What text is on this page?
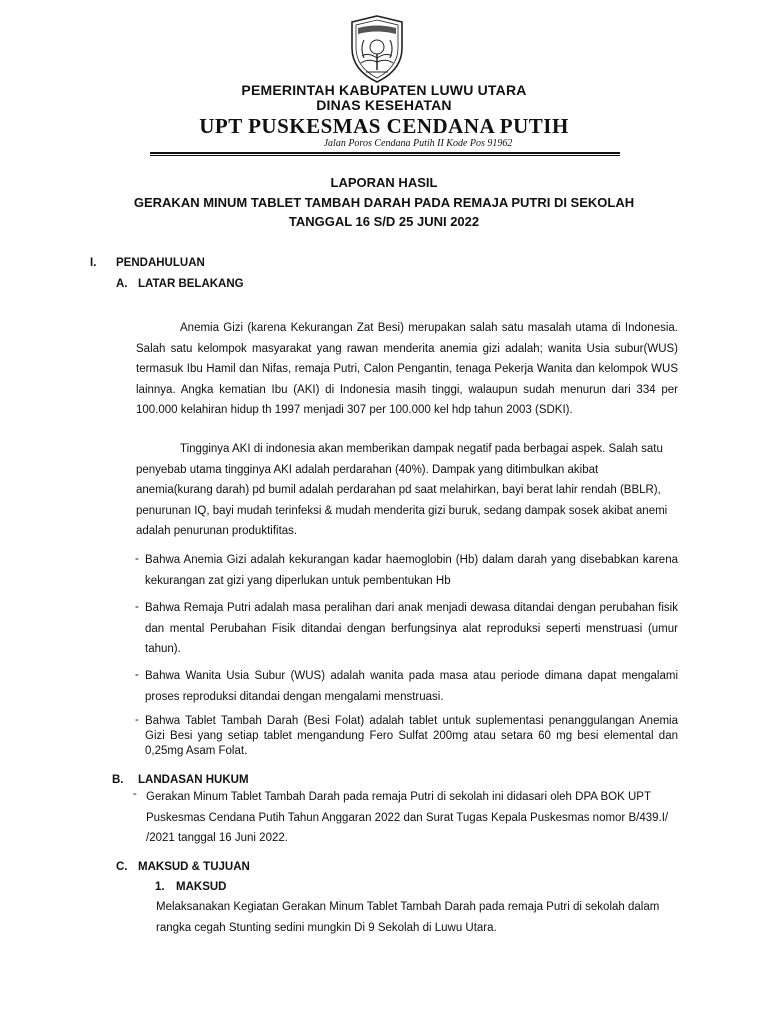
PEMERINTAH KABUPATEN LUWU UTARA
DINAS KESEHATAN
UPT PUSKESMAS CENDANA PUTIH
Jalan Poros Cendana Putih II Kode Pos 91962
LAPORAN HASIL
GERAKAN MINUM TABLET TAMBAH DARAH PADA REMAJA PUTRI DI SEKOLAH
TANGGAL 16 S/D 25 JUNI 2022
I. PENDAHULUAN
A. LATAR BELAKANG
Anemia Gizi (karena Kekurangan Zat Besi) merupakan salah satu masalah utama di Indonesia. Salah satu kelompok masyarakat yang rawan menderita anemia gizi adalah; wanita Usia subur(WUS) termasuk Ibu Hamil dan Nifas, remaja Putri, Calon Pengantin, tenaga Pekerja Wanita dan kelompok WUS lainnya. Angka kematian Ibu (AKI) di Indonesia masih tinggi, walaupun sudah menurun dari 334 per 100.000 kelahiran hidup th 1997 menjadi 307 per 100.000 kel hdp tahun 2003 (SDKI).
Tingginya AKI di indonesia akan memberikan dampak negatif pada berbagai aspek. Salah satu penyebab utama tingginya AKI adalah perdarahan (40%). Dampak yang ditimbulkan akibat anemia(kurang darah) pd bumil adalah perdarahan pd saat melahirkan, bayi berat lahir rendah (BBLR), penurunan IQ, bayi mudah terinfeksi & mudah menderita gizi buruk, sedang dampak sosek akibat anemi adalah penurunan produktifitas.
- Bahwa Anemia Gizi adalah kekurangan kadar haemoglobin (Hb) dalam darah yang disebabkan karena kekurangan zat gizi yang diperlukan untuk pembentukan Hb
- Bahwa Remaja Putri adalah masa peralihan dari anak menjadi dewasa ditandai dengan perubahan fisik dan mental Perubahan Fisik ditandai dengan berfungsinya alat reproduksi seperti menstruasi (umur tahun).
- Bahwa Wanita Usia Subur (WUS) adalah wanita pada masa atau periode dimana dapat mengalami proses reproduksi ditandai dengan mengalami menstruasi.
- Bahwa Tablet Tambah Darah (Besi Folat) adalah tablet untuk suplementasi penanggulangan Anemia Gizi Besi yang setiap tablet mengandung Fero Sulfat 200mg atau setara 60 mg besi elemental dan 0,25mg Asam Folat.
B. LANDASAN HUKUM
- Gerakan Minum Tablet Tambah Darah pada remaja Putri di sekolah ini didasari oleh DPA BOK UPT Puskesmas Cendana Putih Tahun Anggaran 2022 dan Surat Tugas Kepala Puskesmas nomor B/439.I/ /2021 tanggal 16 Juni 2022.
C. MAKSUD & TUJUAN
1. MAKSUD
Melaksanakan Kegiatan Gerakan Minum Tablet Tambah Darah pada remaja Putri di sekolah dalam rangka cegah Stunting sedini mungkin Di 9 Sekolah di Luwu Utara.
